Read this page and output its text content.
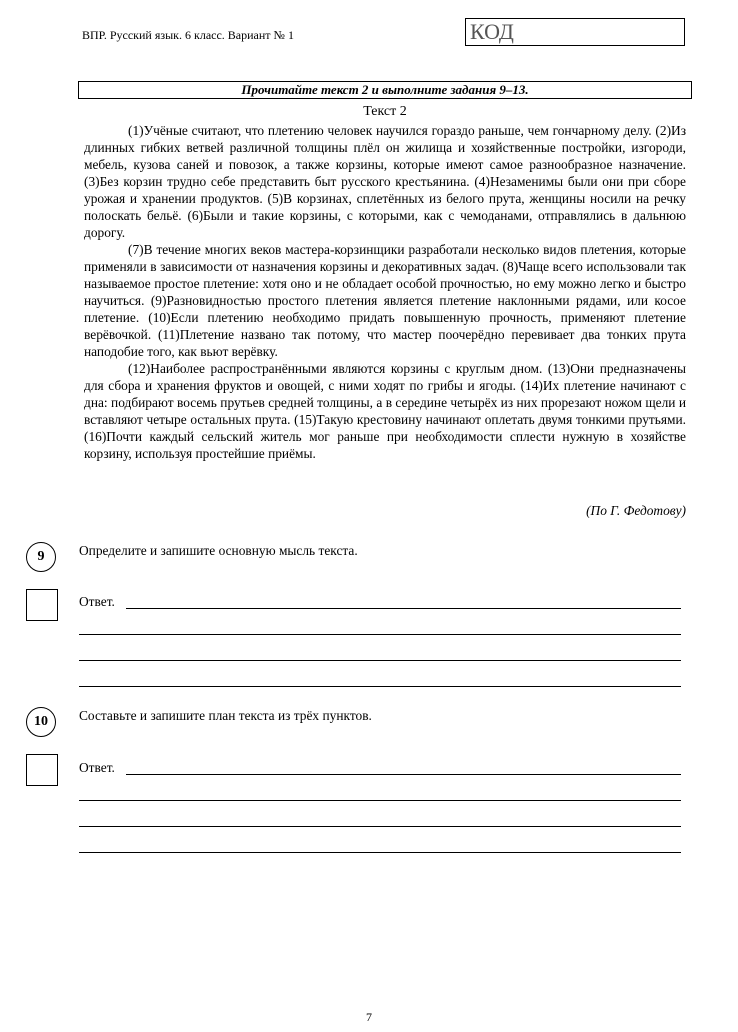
ВПР. Русский язык. 6 класс. Вариант № 1	КОД
Прочитайте текст 2 и выполните задания 9–13.
Текст 2

(1)Учёные считают, что плетению человек научился гораздо раньше, чем гончарному делу. (2)Из длинных гибких ветвей различной толщины плёл он жилища и хозяйственные постройки, изгороди, мебель, кузова саней и повозок, а также корзины, которые имеют самое разнообразное назначение. (3)Без корзин трудно себе представить быт русского крестьянина. (4)Незаменимы были они при сборе урожая и хранении продуктов. (5)В корзинах, сплетённых из белого прута, женщины носили на речку полоскать бельё. (6)Были и такие корзины, с которыми, как с чемоданами, отправлялись в дальнюю дорогу.

(7)В течение многих веков мастера-корзинщики разработали несколько видов плетения, которые применяли в зависимости от назначения корзины и декоративных задач. (8)Чаще всего использовали так называемое простое плетение: хотя оно и не обладает особой прочностью, но ему можно легко и быстро научиться. (9)Разновидностью простого плетения является плетение наклонными рядами, или косое плетение. (10)Если плетению необходимо придать повышенную прочность, применяют плетение верёвочкой. (11)Плетение названо так потому, что мастер поочерёдно перевивает два тонких прута наподобие того, как вьют верёвку.

(12)Наиболее распространёнными являются корзины с круглым дном. (13)Они предназначены для сбора и хранения фруктов и овощей, с ними ходят по грибы и ягоды. (14)Их плетение начинают с дна: подбирают восемь прутьев средней толщины, а в середине четырёх из них прорезают ножом щели и вставляют четыре остальных прута. (15)Такую крестовину начинают оплетать двумя тонкими прутьями. (16)Почти каждый сельский житель мог раньше при необходимости сплести нужную в хозяйстве корзину, используя простейшие приёмы.

(По Г. Федотову)
9	Определите и запишите основную мысль текста.
Ответ.
10	Составьте и запишите план текста из трёх пунктов.
Ответ.
7
